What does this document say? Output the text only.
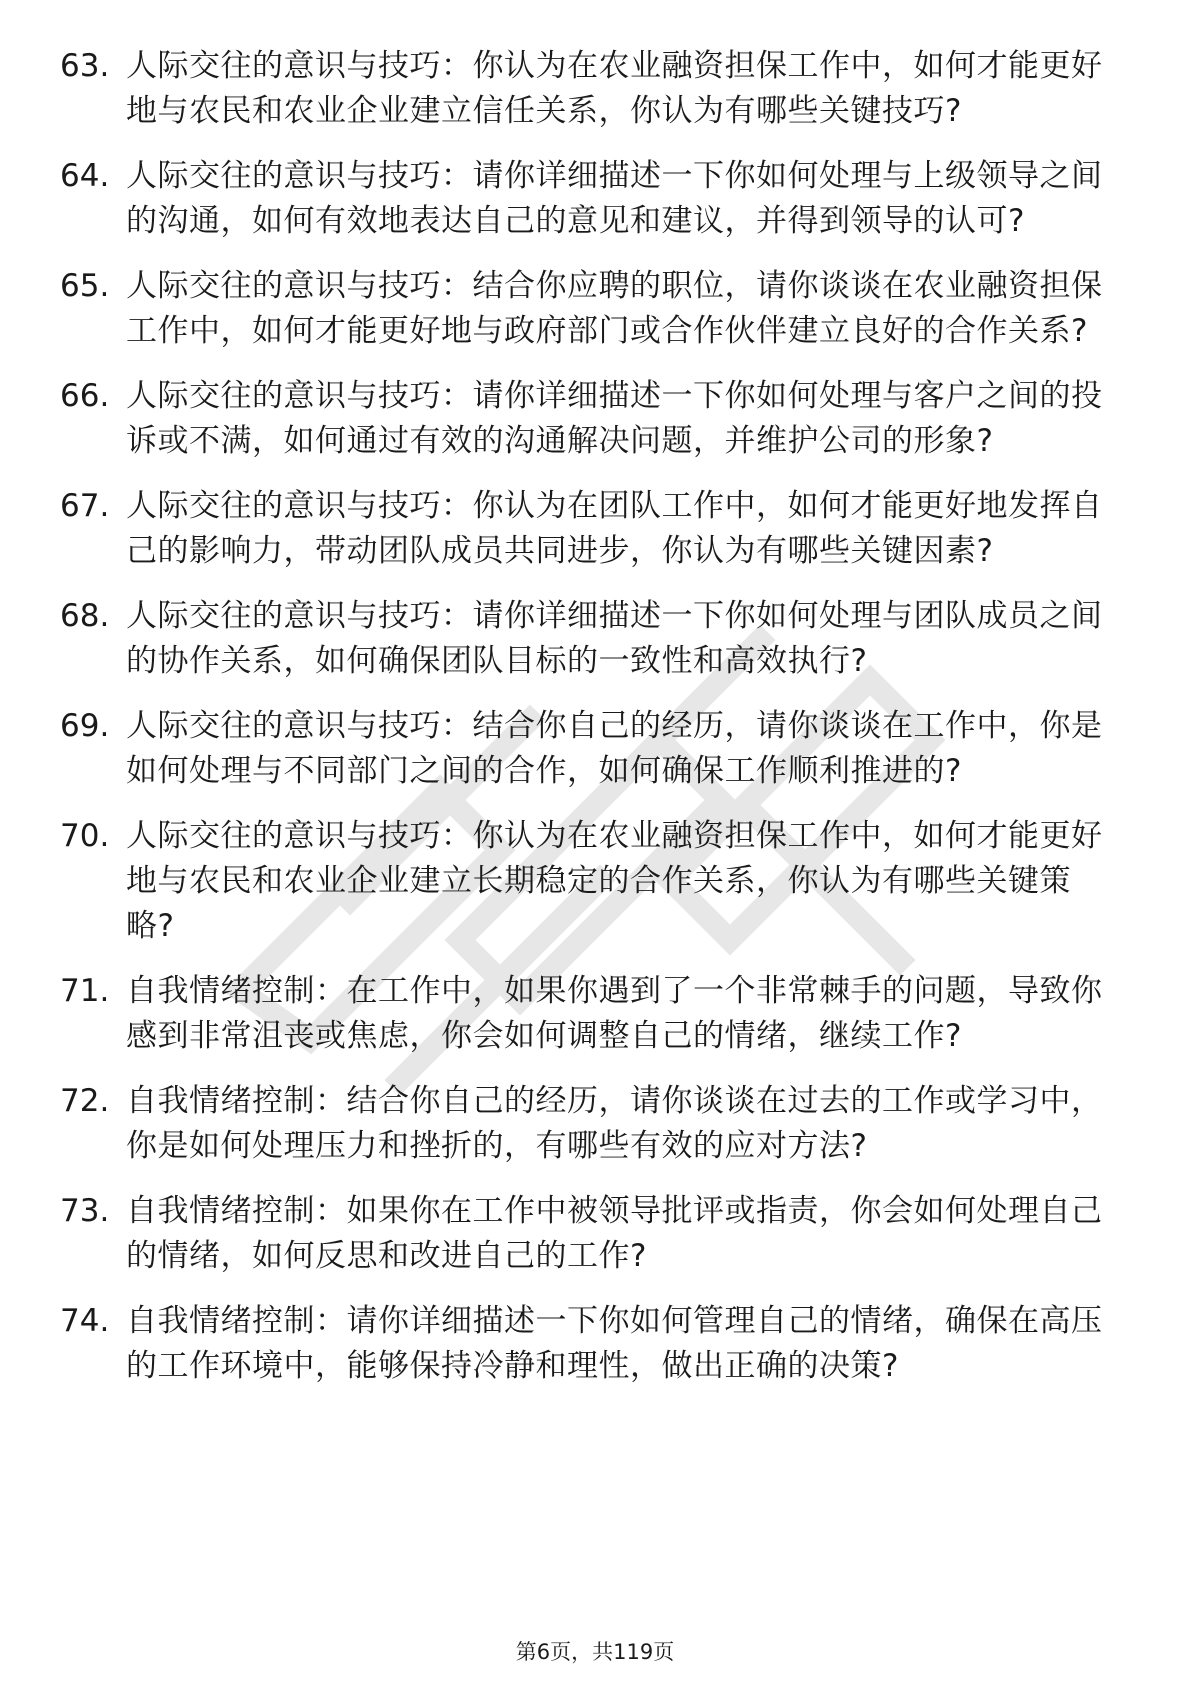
63. 人际交往的意识与技巧：你认为在农业融资担保工作中，如何才能更好地与农民和农业企业建立信任关系，你认为有哪些关键技巧?
64. 人际交往的意识与技巧：请你详细描述一下你如何处理与上级领导之间的沟通，如何有效地表达自己的意见和建议，并得到领导的认可?
65. 人际交往的意识与技巧：结合你应聘的职位，请你谈谈在农业融资担保工作中，如何才能更好地与政府部门或合作伙伴建立良好的合作关系?
66. 人际交往的意识与技巧：请你详细描述一下你如何处理与客户之间的投诉或不满，如何通过有效的沟通解决问题，并维护公司的形象?
67. 人际交往的意识与技巧：你认为在团队工作中，如何才能更好地发挥自己的影响力，带动团队成员共同进步，你认为有哪些关键因素?
68. 人际交往的意识与技巧：请你详细描述一下你如何处理与团队成员之间的协作关系，如何确保团队目标的一致性和高效执行?
69. 人际交往的意识与技巧：结合你自己的经历，请你谈谈在工作中，你是如何处理与不同部门之间的合作，如何确保工作顺利推进的?
70. 人际交往的意识与技巧：你认为在农业融资担保工作中，如何才能更好地与农民和农业企业建立长期稳定的合作关系，你认为有哪些关键策略?
71. 自我情绪控制：在工作中，如果你遇到了一个非常棘手的问题，导致你感到非常沮丧或焦虑，你会如何调整自己的情绪，继续工作?
72. 自我情绪控制：结合你自己的经历，请你谈谈在过去的工作或学习中，你是如何处理压力和挫折的，有哪些有效的应对方法?
73. 自我情绪控制：如果你在工作中被领导批评或指责，你会如何处理自己的情绪，如何反思和改进自己的工作?
74. 自我情绪控制：请你详细描述一下你如何管理自己的情绪，确保在高压的工作环境中，能够保持冷静和理性，做出正确的决策?
第6页，共119页
